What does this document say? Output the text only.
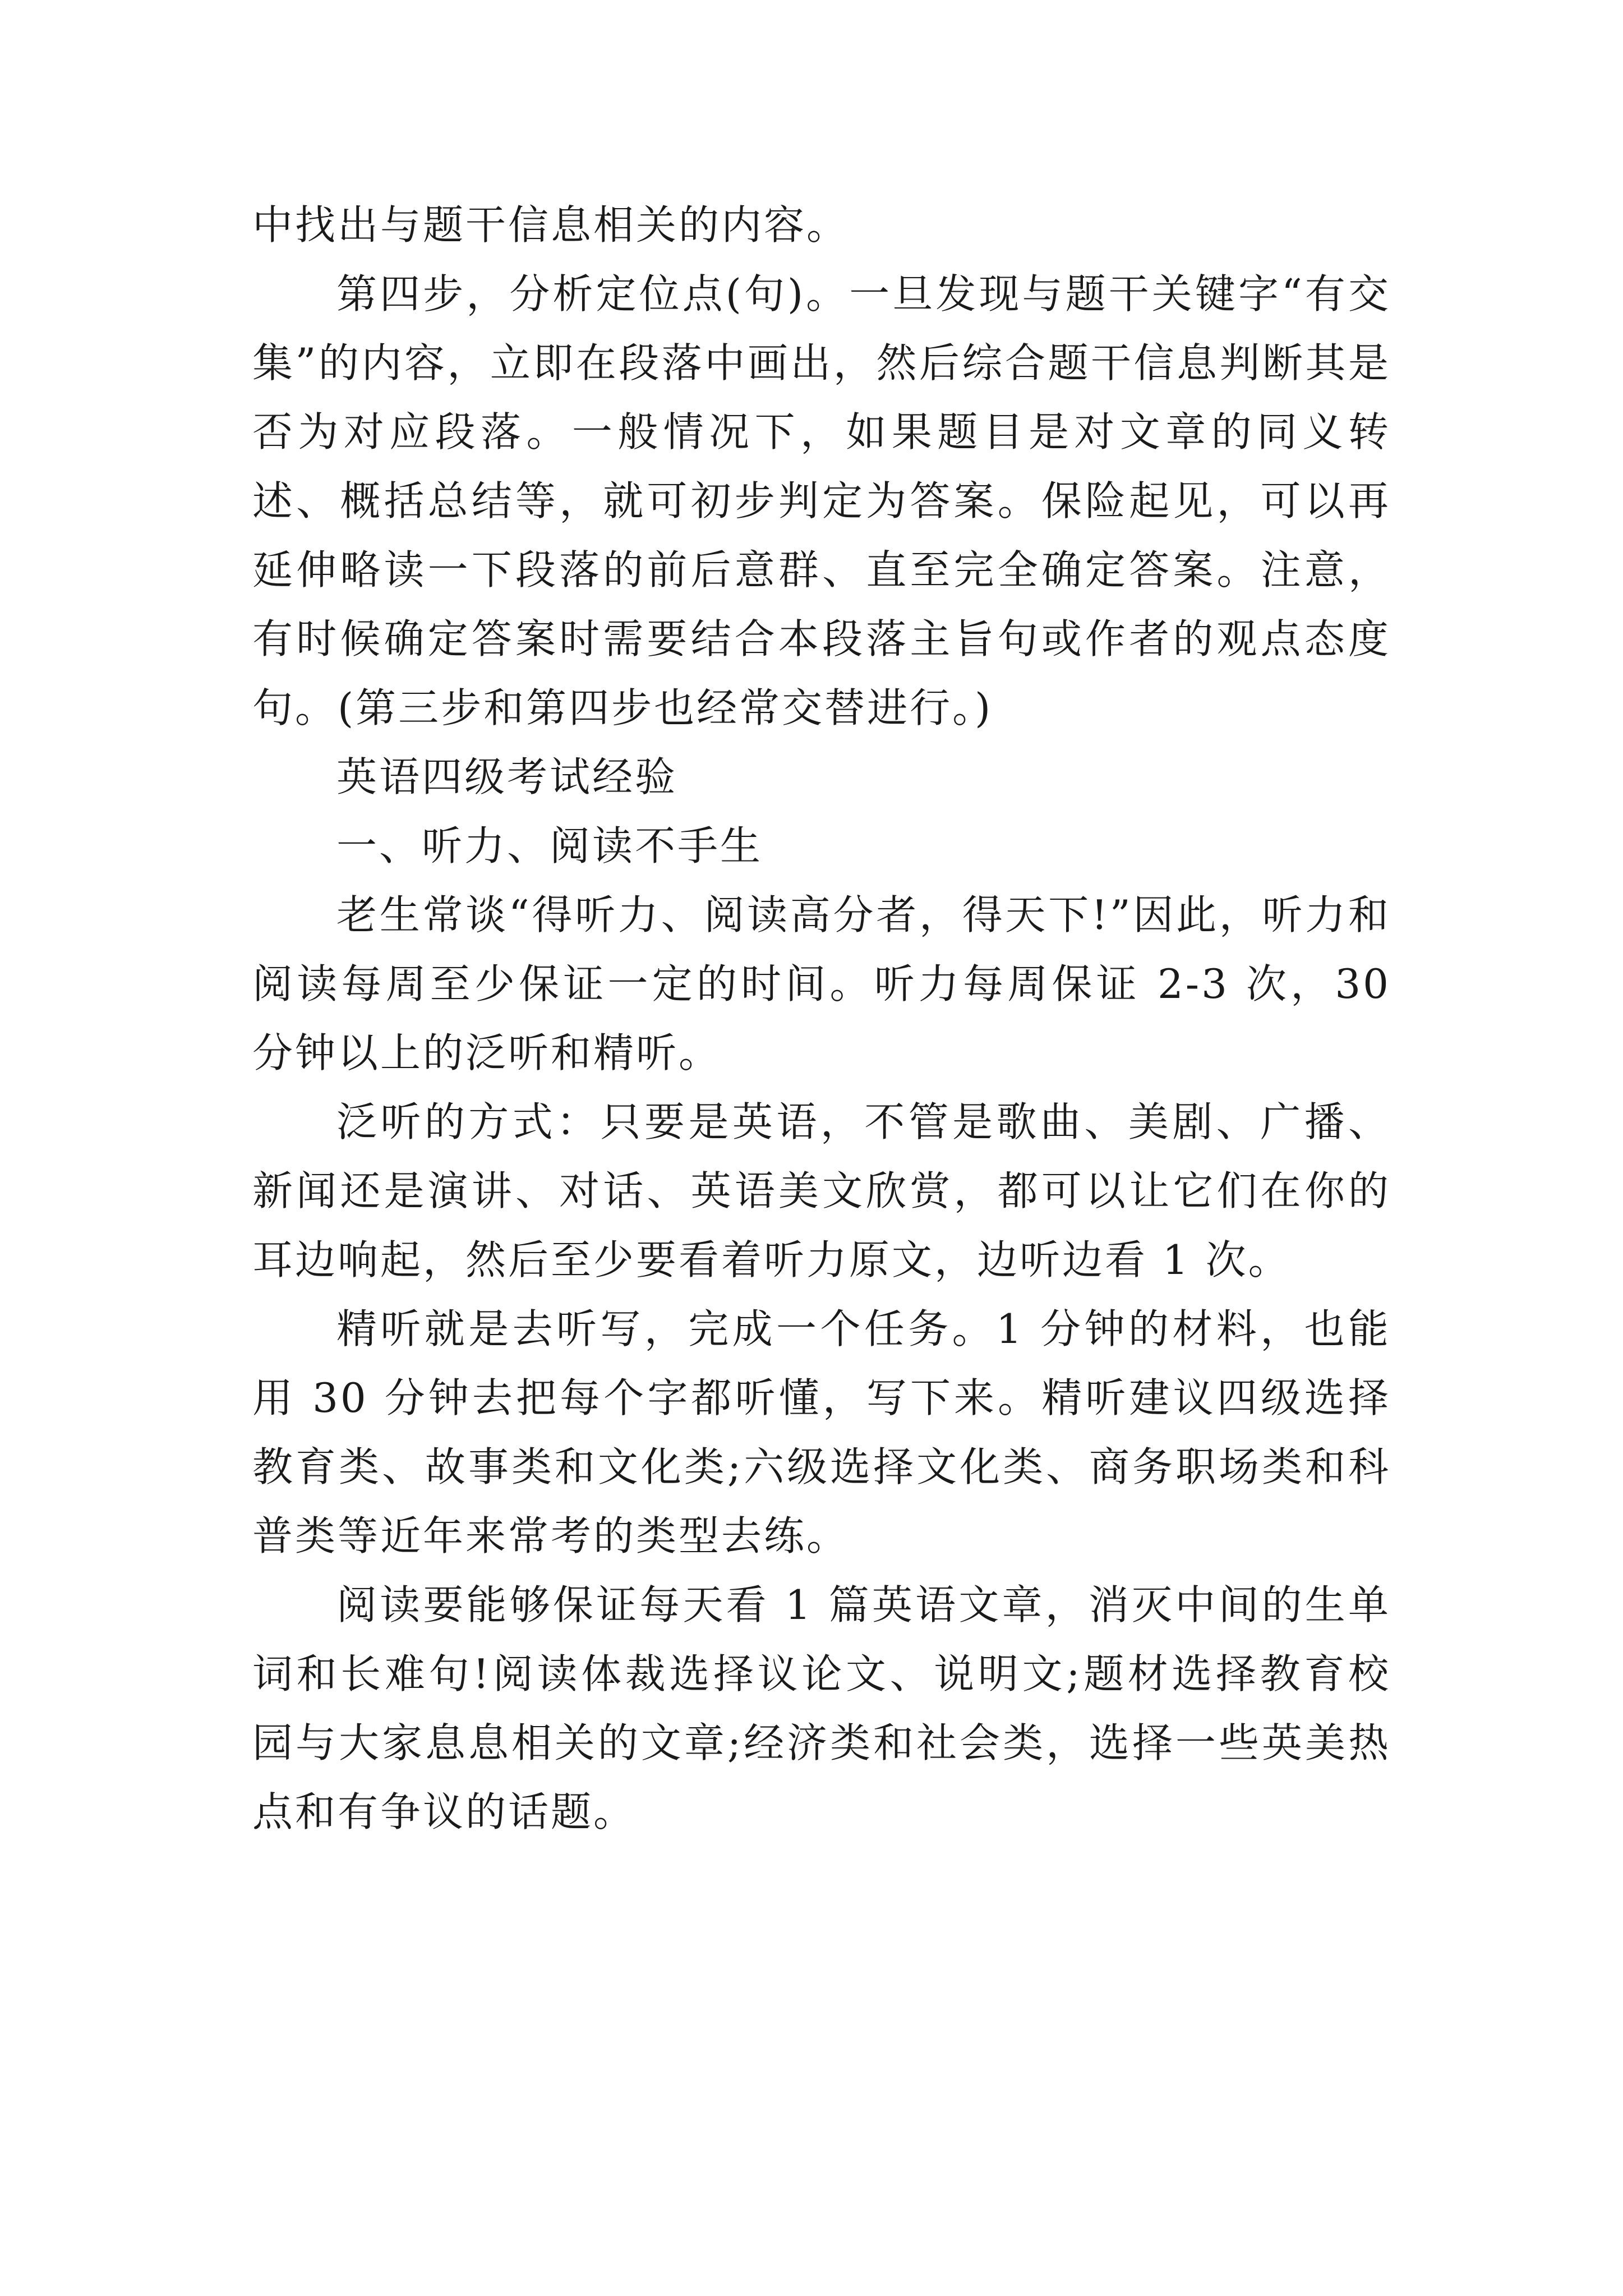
中找出与题干信息相关的内容。

第四步，分析定位点(句)。一旦发现与题干关键字“有交集”的内容，立即在段落中画出，然后综合题干信息判断其是否为对应段落。一般情况下，如果题目是对文章的同义转述、概括总结等，就可初步判定为答案。保险起见，可以再延伸略读一下段落的前后意群、直至完全确定答案。注意，有时候确定答案时需要结合本段落主旨句或作者的观点态度句。(第三步和第四步也经常交替进行。)

英语四级考试经验

一、听力、阅读不手生

老生常谈“得听力、阅读高分者，得天下!”因此，听力和阅读每周至少保证一定的时间。听力每周保证 2-3 次，30 分钟以上的泛听和精听。

泛听的方式：只要是英语，不管是歌曲、美剧、广播、新闻还是演讲、对话、英语美文欣赏，都可以让它们在你的耳边响起，然后至少要看着听力原文，边听边看 1 次。

精听就是去听写，完成一个任务。1 分钟的材料，也能用 30 分钟去把每个字都听懂，写下来。精听建议四级选择教育类、故事类和文化类;六级选择文化类、商务职场类和科普类等近年来常考的类型去练。

阅读要能够保证每天看 1 篇英语文章，消灭中间的生单词和长难句!阅读体裁选择议论文、说明文;题材选择教育校园与大家息息相关的文章;经济类和社会类，选择一些英美热点和有争议的话题。
